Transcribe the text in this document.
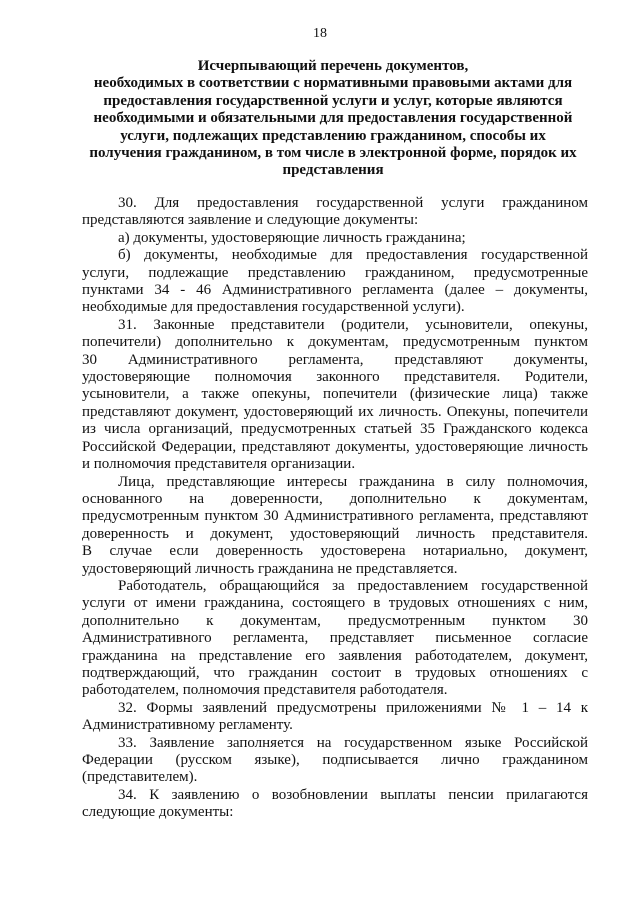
18
Исчерпывающий перечень документов,
необходимых в соответствии с нормативными правовыми актами для
предоставления государственной услуги и услуг, которые являются
необходимыми и обязательными для предоставления государственной
услуги, подлежащих представлению гражданином, способы их
получения гражданином, в том числе в электронной форме, порядок их
представления
30. Для предоставления государственной услуги гражданином
представляются заявление и следующие документы:
а) документы, удостоверяющие личность гражданина;
б) документы, необходимые для предоставления государственной
услуги, подлежащие представлению гражданином, предусмотренные
пунктами 34 - 46 Административного регламента (далее – документы,
необходимые для предоставления государственной услуги).
31. Законные представители (родители, усыновители, опекуны,
попечители) дополнительно к документам, предусмотренным пунктом
30 Административного регламента, представляют документы,
удостоверяющие полномочия законного представителя. Родители,
усыновители, а также опекуны, попечители (физические лица) также
представляют документ, удостоверяющий их личность. Опекуны, попечители
из числа организаций, предусмотренных статьей 35 Гражданского кодекса
Российской Федерации, представляют документы, удостоверяющие личность
и полномочия представителя организации.
Лица, представляющие интересы гражданина в силу полномочия,
основанного на доверенности, дополнительно к документам,
предусмотренным пунктом 30 Административного регламента, представляют
доверенность и документ, удостоверяющий личность представителя.
В случае если доверенность удостоверена нотариально, документ,
удостоверяющий личность гражданина не представляется.
Работодатель, обращающийся за предоставлением государственной
услуги от имени гражданина, состоящего в трудовых отношениях с ним,
дополнительно к документам, предусмотренным пунктом 30
Административного регламента, представляет письменное согласие
гражданина на представление его заявления работодателем, документ,
подтверждающий, что гражданин состоит в трудовых отношениях с
работодателем, полномочия представителя работодателя.
32. Формы заявлений предусмотрены приложениями № 1 – 14 к
Административному регламенту.
33. Заявление заполняется на государственном языке Российской
Федерации (русском языке), подписывается лично гражданином
(представителем).
34. К заявлению о возобновлении выплаты пенсии прилагаются
следующие документы:
